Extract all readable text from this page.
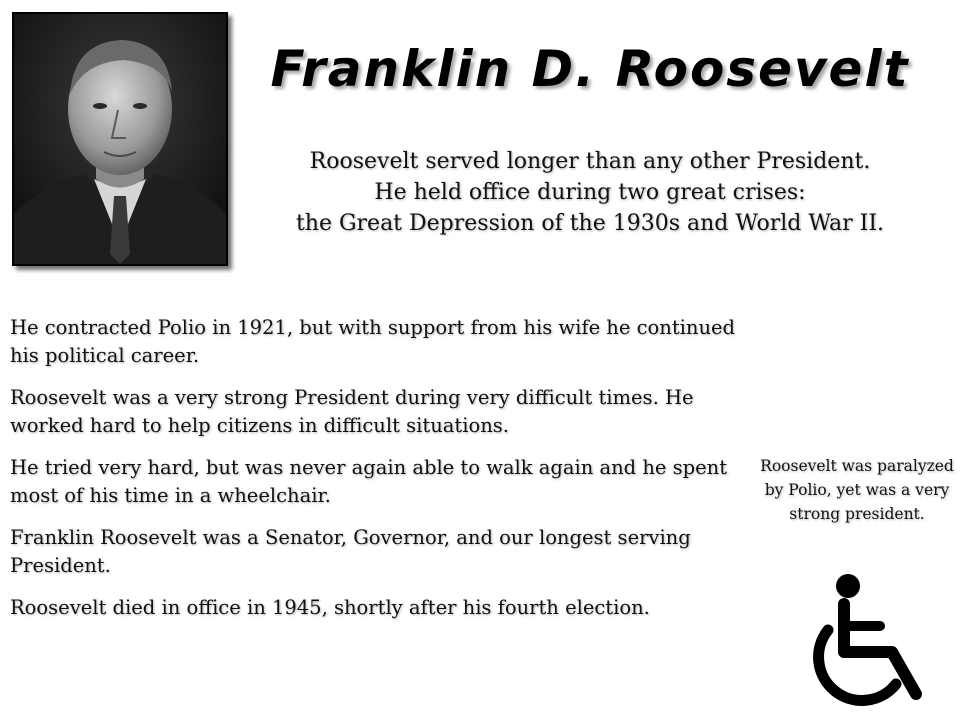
Franklin D. Roosevelt
Roosevelt served longer than any other President.
He held office during two great crises:
the Great Depression of the 1930s and World War II.

He contracted Polio in 1921, but with support from his wife he continued his political career.

Roosevelt was a very strong President during very difficult times. He worked hard to help citizens in difficult situations.

He tried very hard, but was never again able to walk again and he spent most of his time in a wheelchair.

Franklin Roosevelt was a Senator, Governor, and our longest serving President.

Roosevelt died in office in 1945, shortly after his fourth election.

Roosevelt was paralyzed by Polio, yet was a very strong president.
